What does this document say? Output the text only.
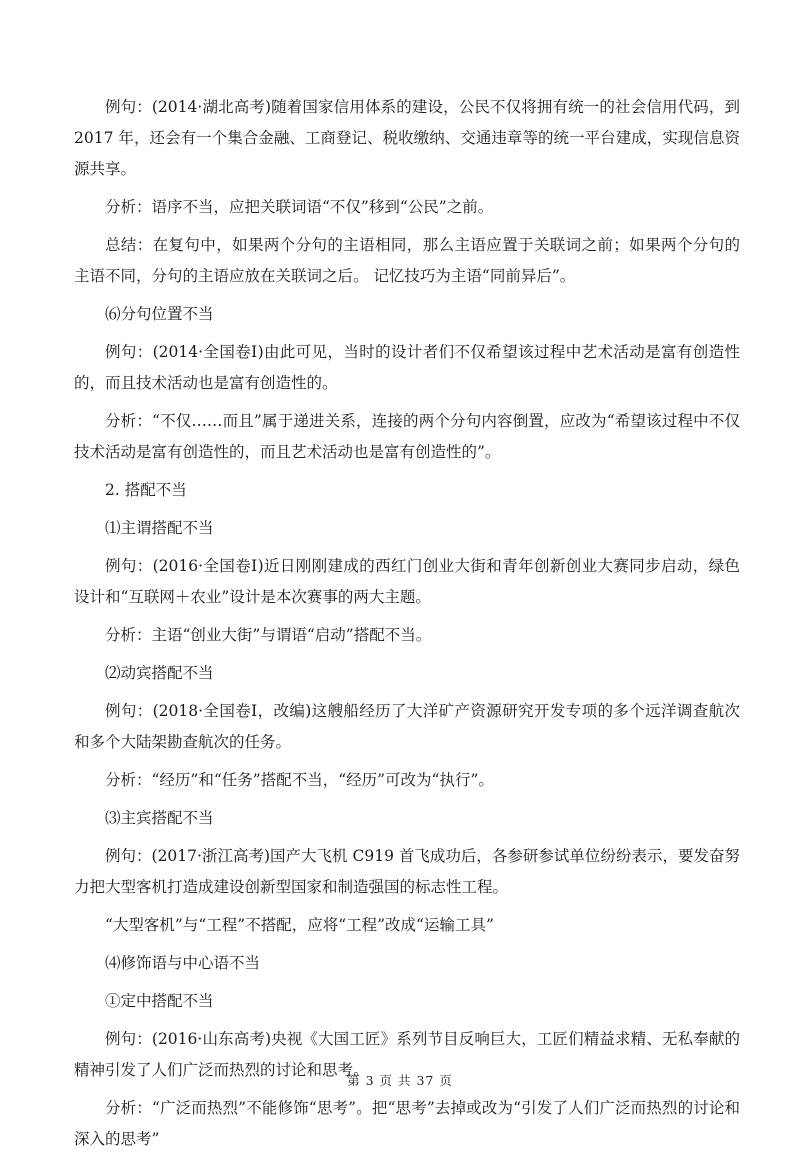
例句：(2014·湖北高考)随着国家信用体系的建设，公民不仅将拥有统一的社会信用代码，到 2017 年，还会有一个集合金融、工商登记、税收缴纳、交通违章等的统一平台建成，实现信息资源共享。

分析：语序不当，应把关联词语“不仅”移到“公民”之前。

总结：在复句中，如果两个分句的主语相同，那么主语应置于关联词之前；如果两个分句的主语不同，分句的主语应放在关联词之后。 记忆技巧为主语“同前异后”。

⑹分句位置不当

例句：(2014·全国卷Ⅰ)由此可见，当时的设计者们不仅希望该过程中艺术活动是富有创造性的，而且技术活动也是富有创造性的。

分析：“不仅……而且”属于递进关系，连接的两个分句内容倒置，应改为“希望该过程中不仅技术活动是富有创造性的，而且艺术活动也是富有创造性的”。

2. 搭配不当

⑴主谓搭配不当

例句：(2016·全国卷Ⅰ)近日刚刚建成的西红门创业大街和青年创新创业大赛同步启动，绿色设计和“互联网＋农业”设计是本次赛事的两大主题。

分析：主语“创业大街”与谓语“启动”搭配不当。

⑵动宾搭配不当

例句：(2018·全国卷Ⅰ，改编)这艘船经历了大洋矿产资源研究开发专项的多个远洋调查航次和多个大陆架勘查航次的任务。

分析：“经历”和“任务”搭配不当，“经历”可改为“执行”。

⑶主宾搭配不当

例句：(2017·浙江高考)国产大飞机 C919 首飞成功后，各参研参试单位纷纷表示，要发奋努力把大型客机打造成建设创新型国家和制造强国的标志性工程。

“大型客机”与“工程”不搭配，应将“工程”改成“运输工具”

⑷修饰语与中心语不当

①定中搭配不当

例句：(2016·山东高考)央视《大国工匠》系列节目反响巨大，工匠们精益求精、无私奉献的精神引发了人们广泛而热烈的讨论和思考。

分析：“广泛而热烈”不能修饰“思考”。把“思考”去掉或改为“引发了人们广泛而热烈的讨论和深入的思考”

第 3 页 共 37 页
